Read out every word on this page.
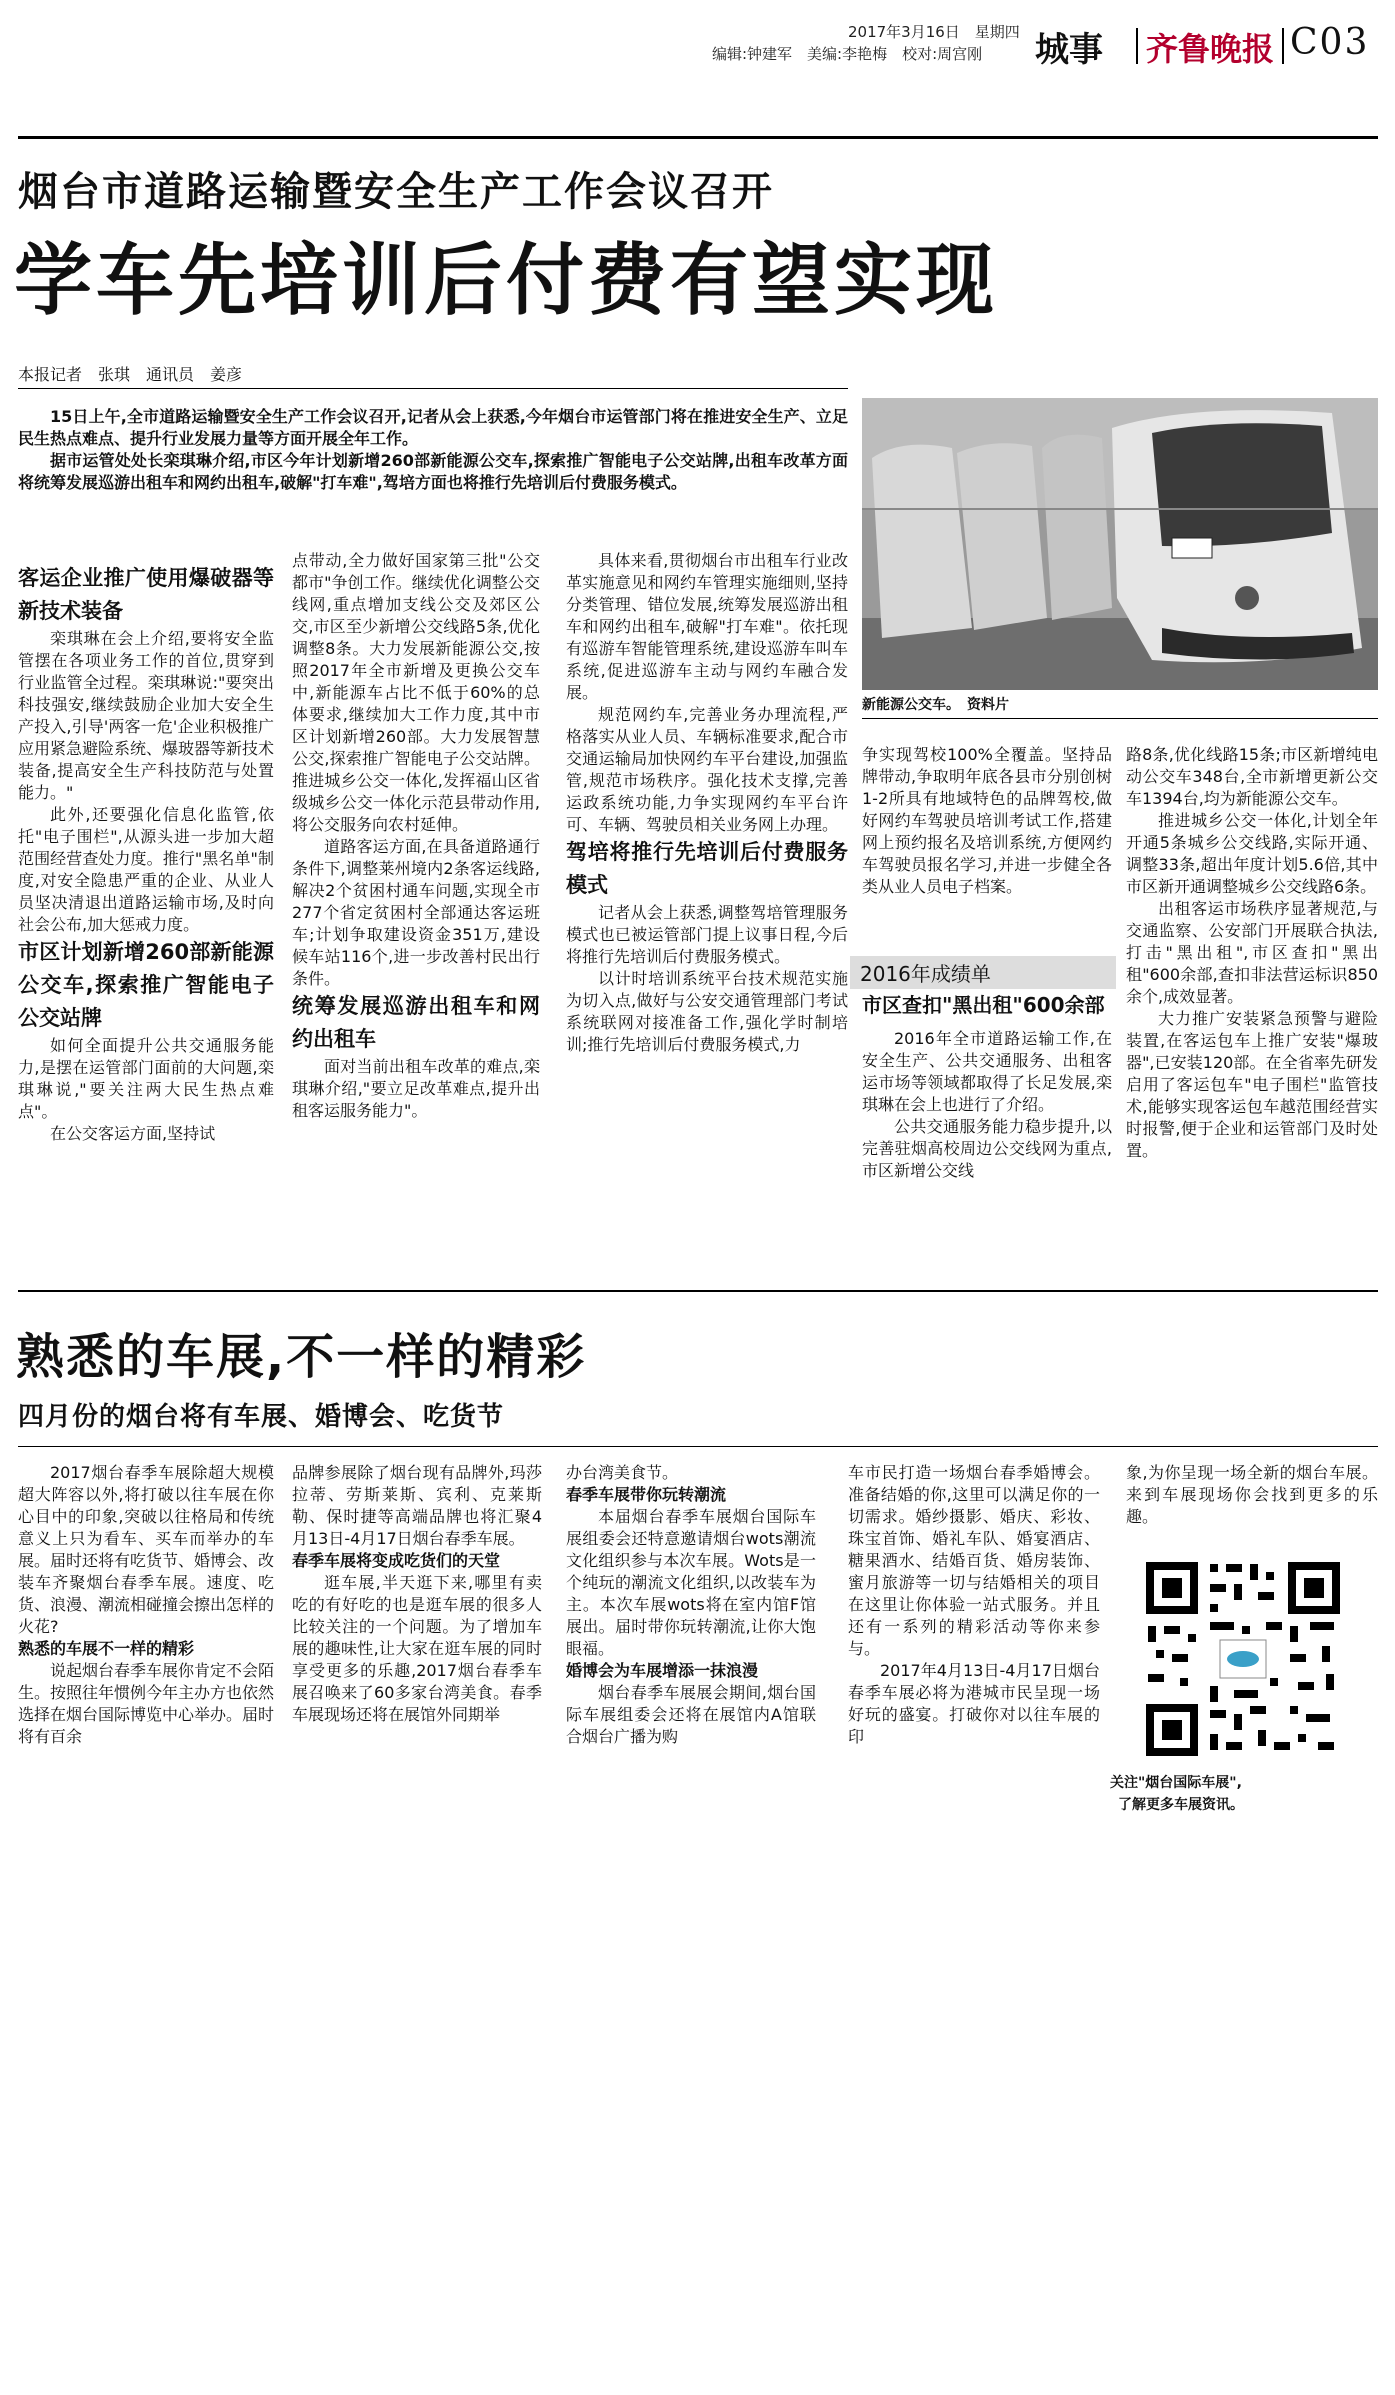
2017年3月16日　星期四
编辑:钟建军　美编:李艳梅　校对:周宫刚 城事 齐鲁晚报 C03
烟台市道路运输暨安全生产工作会议召开
学车先培训后付费有望实现
本报记者　张琪　通讯员　姜彦

15日上午,全市道路运输暨安全生产工作会议召开,记者从会上获悉,今年烟台市运管部门将在推进安全生产、立足民生热点难点、提升行业发展力量等方面开展全年工作。

据市运管处处长栾琪琳介绍,市区今年计划新增260部新能源公交车,探索推广智能电子公交站牌,出租车改革方面将统筹发展巡游出租车和网约出租车,破解"打车难",驾培方面也将推行先培训后付费服务模式。

新能源公交车。　资料片

客运企业推广使用爆破器等新技术装备

栾琪琳在会上介绍,要将安全监管摆在各项业务工作的首位,贯穿到行业监管全过程。栾琪琳说:"要突出科技强安,继续鼓励企业加大安全生产投入,引导'两客一危'企业积极推广应用紧急避险系统、爆玻器等新技术装备,提高安全生产科技防范与处置能力。"

此外,还要强化信息化监管,依托"电子围栏",从源头进一步加大超范围经营查处力度。推行"黑名单"制度,对安全隐患严重的企业、从业人员坚决清退出道路运输市场,及时向社会公布,加大惩戒力度。

市区计划新增260部新能源公交车,探索推广智能电子公交站牌

如何全面提升公共交通服务能力,是摆在运管部门面前的大问题,栾琪琳说,"要关注两大民生热点难点"。

在公交客运方面,坚持试

点带动,全力做好国家第三批"公交都市"争创工作。继续优化调整公交线网,重点增加支线公交及郊区公交,市区至少新增公交线路5条,优化调整8条。大力发展新能源公交,按照2017年全市新增及更换公交车中,新能源车占比不低于60%的总体要求,继续加大工作力度,其中市区计划新增260部。大力发展智慧公交,探索推广智能电子公交站牌。推进城乡公交一体化,发挥福山区省级城乡公交一体化示范县带动作用,将公交服务向农村延伸。

道路客运方面,在具备道路通行条件下,调整莱州境内2条客运线路,解决2个贫困村通车问题,实现全市277个省定贫困村全部通达客运班车;计划争取建设资金351万,建设候车站116个,进一步改善村民出行条件。

统筹发展巡游出租车和网约出租车

面对当前出租车改革的难点,栾琪琳介绍,"要立足改革难点,提升出租客运服务能力"。

具体来看,贯彻烟台市出租车行业改革实施意见和网约车管理实施细则,坚持分类管理、错位发展,统筹发展巡游出租车和网约出租车,破解"打车难"。依托现有巡游车智能管理系统,建设巡游车叫车系统,促进巡游车主动与网约车融合发展。

规范网约车,完善业务办理流程,严格落实从业人员、车辆标准要求,配合市交通运输局加快网约车平台建设,加强监管,规范市场秩序。强化技术支撑,完善运政系统功能,力争实现网约车平台许可、车辆、驾驶员相关业务网上办理。

驾培将推行先培训后付费服务模式

记者从会上获悉,调整驾培管理服务模式也已被运管部门提上议事日程,今后将推行先培训后付费服务模式。

以计时培训系统平台技术规范实施为切入点,做好与公安交通管理部门考试系统联网对接准备工作,强化学时制培训;推行先培训后付费服务模式,力

争实现驾校100%全覆盖。坚持品牌带动,争取明年底各县市分别创树1-2所具有地域特色的品牌驾校,做好网约车驾驶员培训考试工作,搭建网上预约报名及培训系统,方便网约车驾驶员报名学习,并进一步健全各类从业人员电子档案。

2016年成绩单

市区查扣"黑出租"600余部

2016年全市道路运输工作,在安全生产、公共交通服务、出租客运市场等领域都取得了长足发展,栾琪琳在会上也进行了介绍。

公共交通服务能力稳步提升,以完善驻烟高校周边公交线网为重点,市区新增公交线

路8条,优化线路15条;市区新增纯电动公交车348台,全市新增更新公交车1394台,均为新能源公交车。

推进城乡公交一体化,计划全年开通5条城乡公交线路,实际开通、调整33条,超出年度计划5.6倍,其中市区新开通调整城乡公交线路6条。

出租客运市场秩序显著规范,与交通监察、公安部门开展联合执法,打击"黑出租",市区查扣"黑出租"600余部,查扣非法营运标识850余个,成效显著。

大力推广安装紧急预警与避险装置,在客运包车上推广安装"爆玻器",已安装120部。在全省率先研发启用了客运包车"电子围栏"监管技术,能够实现客运包车越范围经营实时报警,便于企业和运管部门及时处置。

熟悉的车展,不一样的精彩
四月份的烟台将有车展、婚博会、吃货节

2017烟台春季车展除超大规模超大阵容以外,将打破以往车展在你心目中的印象,突破以往格局和传统意义上只为看车、买车而举办的车展。届时还将有吃货节、婚博会、改装车齐聚烟台春季车展。速度、吃货、浪漫、潮流相碰撞会擦出怎样的火花?

熟悉的车展不一样的精彩

说起烟台春季车展你肯定不会陌生。按照往年惯例今年主办方也依然选择在烟台国际博览中心举办。届时将有百余

品牌参展除了烟台现有品牌外,玛莎拉蒂、劳斯莱斯、宾利、克莱斯勒、保时捷等高端品牌也将汇聚4月13日-4月17日烟台春季车展。

春季车展将变成吃货们的天堂

逛车展,半天逛下来,哪里有卖吃的有好吃的也是逛车展的很多人比较关注的一个问题。为了增加车展的趣味性,让大家在逛车展的同时享受更多的乐趣,2017烟台春季车展召唤来了60多家台湾美食。春季车展现场还将在展馆外同期举

办台湾美食节。

春季车展带你玩转潮流

本届烟台春季车展烟台国际车展组委会还特意邀请烟台wots潮流文化组织参与本次车展。Wots是一个纯玩的潮流文化组织,以改装车为主。本次车展wots将在室内馆F馆展出。届时带你玩转潮流,让你大饱眼福。

婚博会为车展增添一抹浪漫

烟台春季车展展会期间,烟台国际车展组委会还将在展馆内A馆联合烟台广播为购

车市民打造一场烟台春季婚博会。准备结婚的你,这里可以满足你的一切需求。婚纱摄影、婚庆、彩妆、珠宝首饰、婚礼车队、婚宴酒店、糖果酒水、结婚百货、婚房装饰、蜜月旅游等一切与结婚相关的项目在这里让你体验一站式服务。并且还有一系列的精彩活动等你来参与。

2017年4月13日-4月17日烟台春季车展必将为港城市民呈现一场好玩的盛宴。打破你对以往车展的印

象,为你呈现一场全新的烟台车展。来到车展现场你会找到更多的乐趣。

关注"烟台国际车展",
了解更多车展资讯。
